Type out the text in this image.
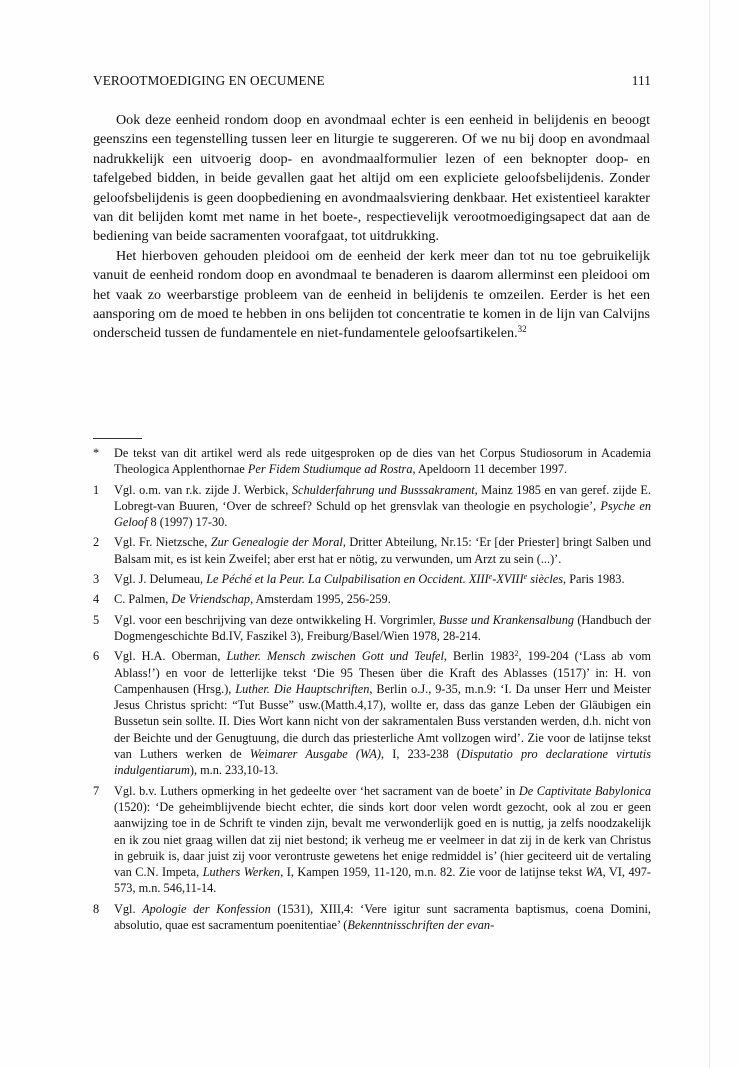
VEROOTMOEDIGING EN OECUMENE	111

Ook deze eenheid rondom doop en avondmaal echter is een eenheid in belijdenis en beoogt geenszins een tegenstelling tussen leer en liturgie te suggereren. Of we nu bij doop en avondmaal nadrukkelijk een uitvoerig doop- en avondmaalformulier lezen of een beknopter doop- en tafelgebed bidden, in beide gevallen gaat het altijd om een expliciete geloofsbelijdenis. Zonder geloofsbelijdenis is geen doopbediening en avondmaalsviering denkbaar. Het existentieel karakter van dit belijden komt met name in het boete-, respectievelijk verootmoedigingsapect dat aan de bediening van beide sacramenten voorafgaat, tot uitdrukking.

Het hierboven gehouden pleidooi om de eenheid der kerk meer dan tot nu toe gebruikelijk vanuit de eenheid rondom doop en avondmaal te benaderen is daarom allerminst een pleidooi om het vaak zo weerbarstige probleem van de eenheid in belijdenis te omzeilen. Eerder is het een aansporing om de moed te hebben in ons belijden tot concentratie te komen in de lijn van Calvijns onderscheid tussen de fundamentele en niet-fundamentele geloofsartikelen.$^{32}$

*	De tekst van dit artikel werd als rede uitgesproken op de dies van het Corpus Studiosorum in Academia Theologica Applenthornae Per Fidem Studiumque ad Rostra, Apeldoorn 11 december 1997.
1	Vgl. o.m. van r.k. zijde J. Werbick, Schulderfahrung und Busssakrament, Mainz 1985 en van geref. zijde E. Lobregt-van Buuren, ‘Over de schreef? Schuld op het grensvlak van theologie en psychologie’, Psyche en Geloof 8 (1997) 17-30.
2	Vgl. Fr. Nietzsche, Zur Genealogie der Moral, Dritter Abteilung, Nr.15: ‘Er [der Priester] bringt Salben und Balsam mit, es ist kein Zweifel; aber erst hat er nötig, zu verwunden, um Arzt zu sein (...)’.
3	Vgl. J. Delumeau, Le Péché et la Peur. La Culpabilisation en Occident. XIIIe-XVIIIe siècles, Paris 1983.
4	C. Palmen, De Vriendschap, Amsterdam 1995, 256-259.
5	Vgl. voor een beschrijving van deze ontwikkeling H. Vorgrimler, Busse und Krankensalbung (Handbuch der Dogmengeschichte Bd.IV, Faszikel 3), Freiburg/Basel/Wien 1978, 28-214.
6	Vgl. H.A. Oberman, Luther. Mensch zwischen Gott und Teufel, Berlin 1983$^2$, 199-204 (‘Lass ab vom Ablass!’) en voor de letterlijke tekst ‘Die 95 Thesen über die Kraft des Ablasses (1517)’ in: H. von Campenhausen (Hrsg.), Luther. Die Hauptschriften, Berlin o.J., 9-35, m.n.9: ‘I. Da unser Herr und Meister Jesus Christus spricht: “Tut Busse” usw.(Matth.4,17), wollte er, dass das ganze Leben der Gläubigen ein Bussetun sein sollte. II. Dies Wort kann nicht von der sakramentalen Buss verstanden werden, d.h. nicht von der Beichte und der Genugtuung, die durch das priesterliche Amt vollzogen wird’. Zie voor de latijnse tekst van Luthers werken de Weimarer Ausgabe (WA), I, 233-238 (Disputatio pro declaratione virtutis indulgentiarum), m.n. 233,10-13.
7	Vgl. b.v. Luthers opmerking in het gedeelte over ‘het sacrament van de boete’ in De Captivitate Babylonica (1520): ‘De geheimblijvende biecht echter, die sinds kort door velen wordt gezocht, ook al zou er geen aanwijzing toe in de Schrift te vinden zijn, bevalt me verwonderlijk goed en is nuttig, ja zelfs noodzakelijk en ik zou niet graag willen dat zij niet bestond; ik verheug me er veelmeer in dat zij in de kerk van Christus in gebruik is, daar juist zij voor verontruste gewetens het enige redmiddel is’ (hier geciteerd uit de vertaling van C.N. Impeta, Luthers Werken, I, Kampen 1959, 11-120, m.n. 82. Zie voor de latijnse tekst WA, VI, 497-573, m.n. 546,11-14.
8	Vgl. Apologie der Konfession (1531), XIII,4: ‘Vere igitur sunt sacramenta baptismus, coena Domini, absolutio, quae est sacramentum poenitentiae’ (Bekenntnisschriften der evan-
